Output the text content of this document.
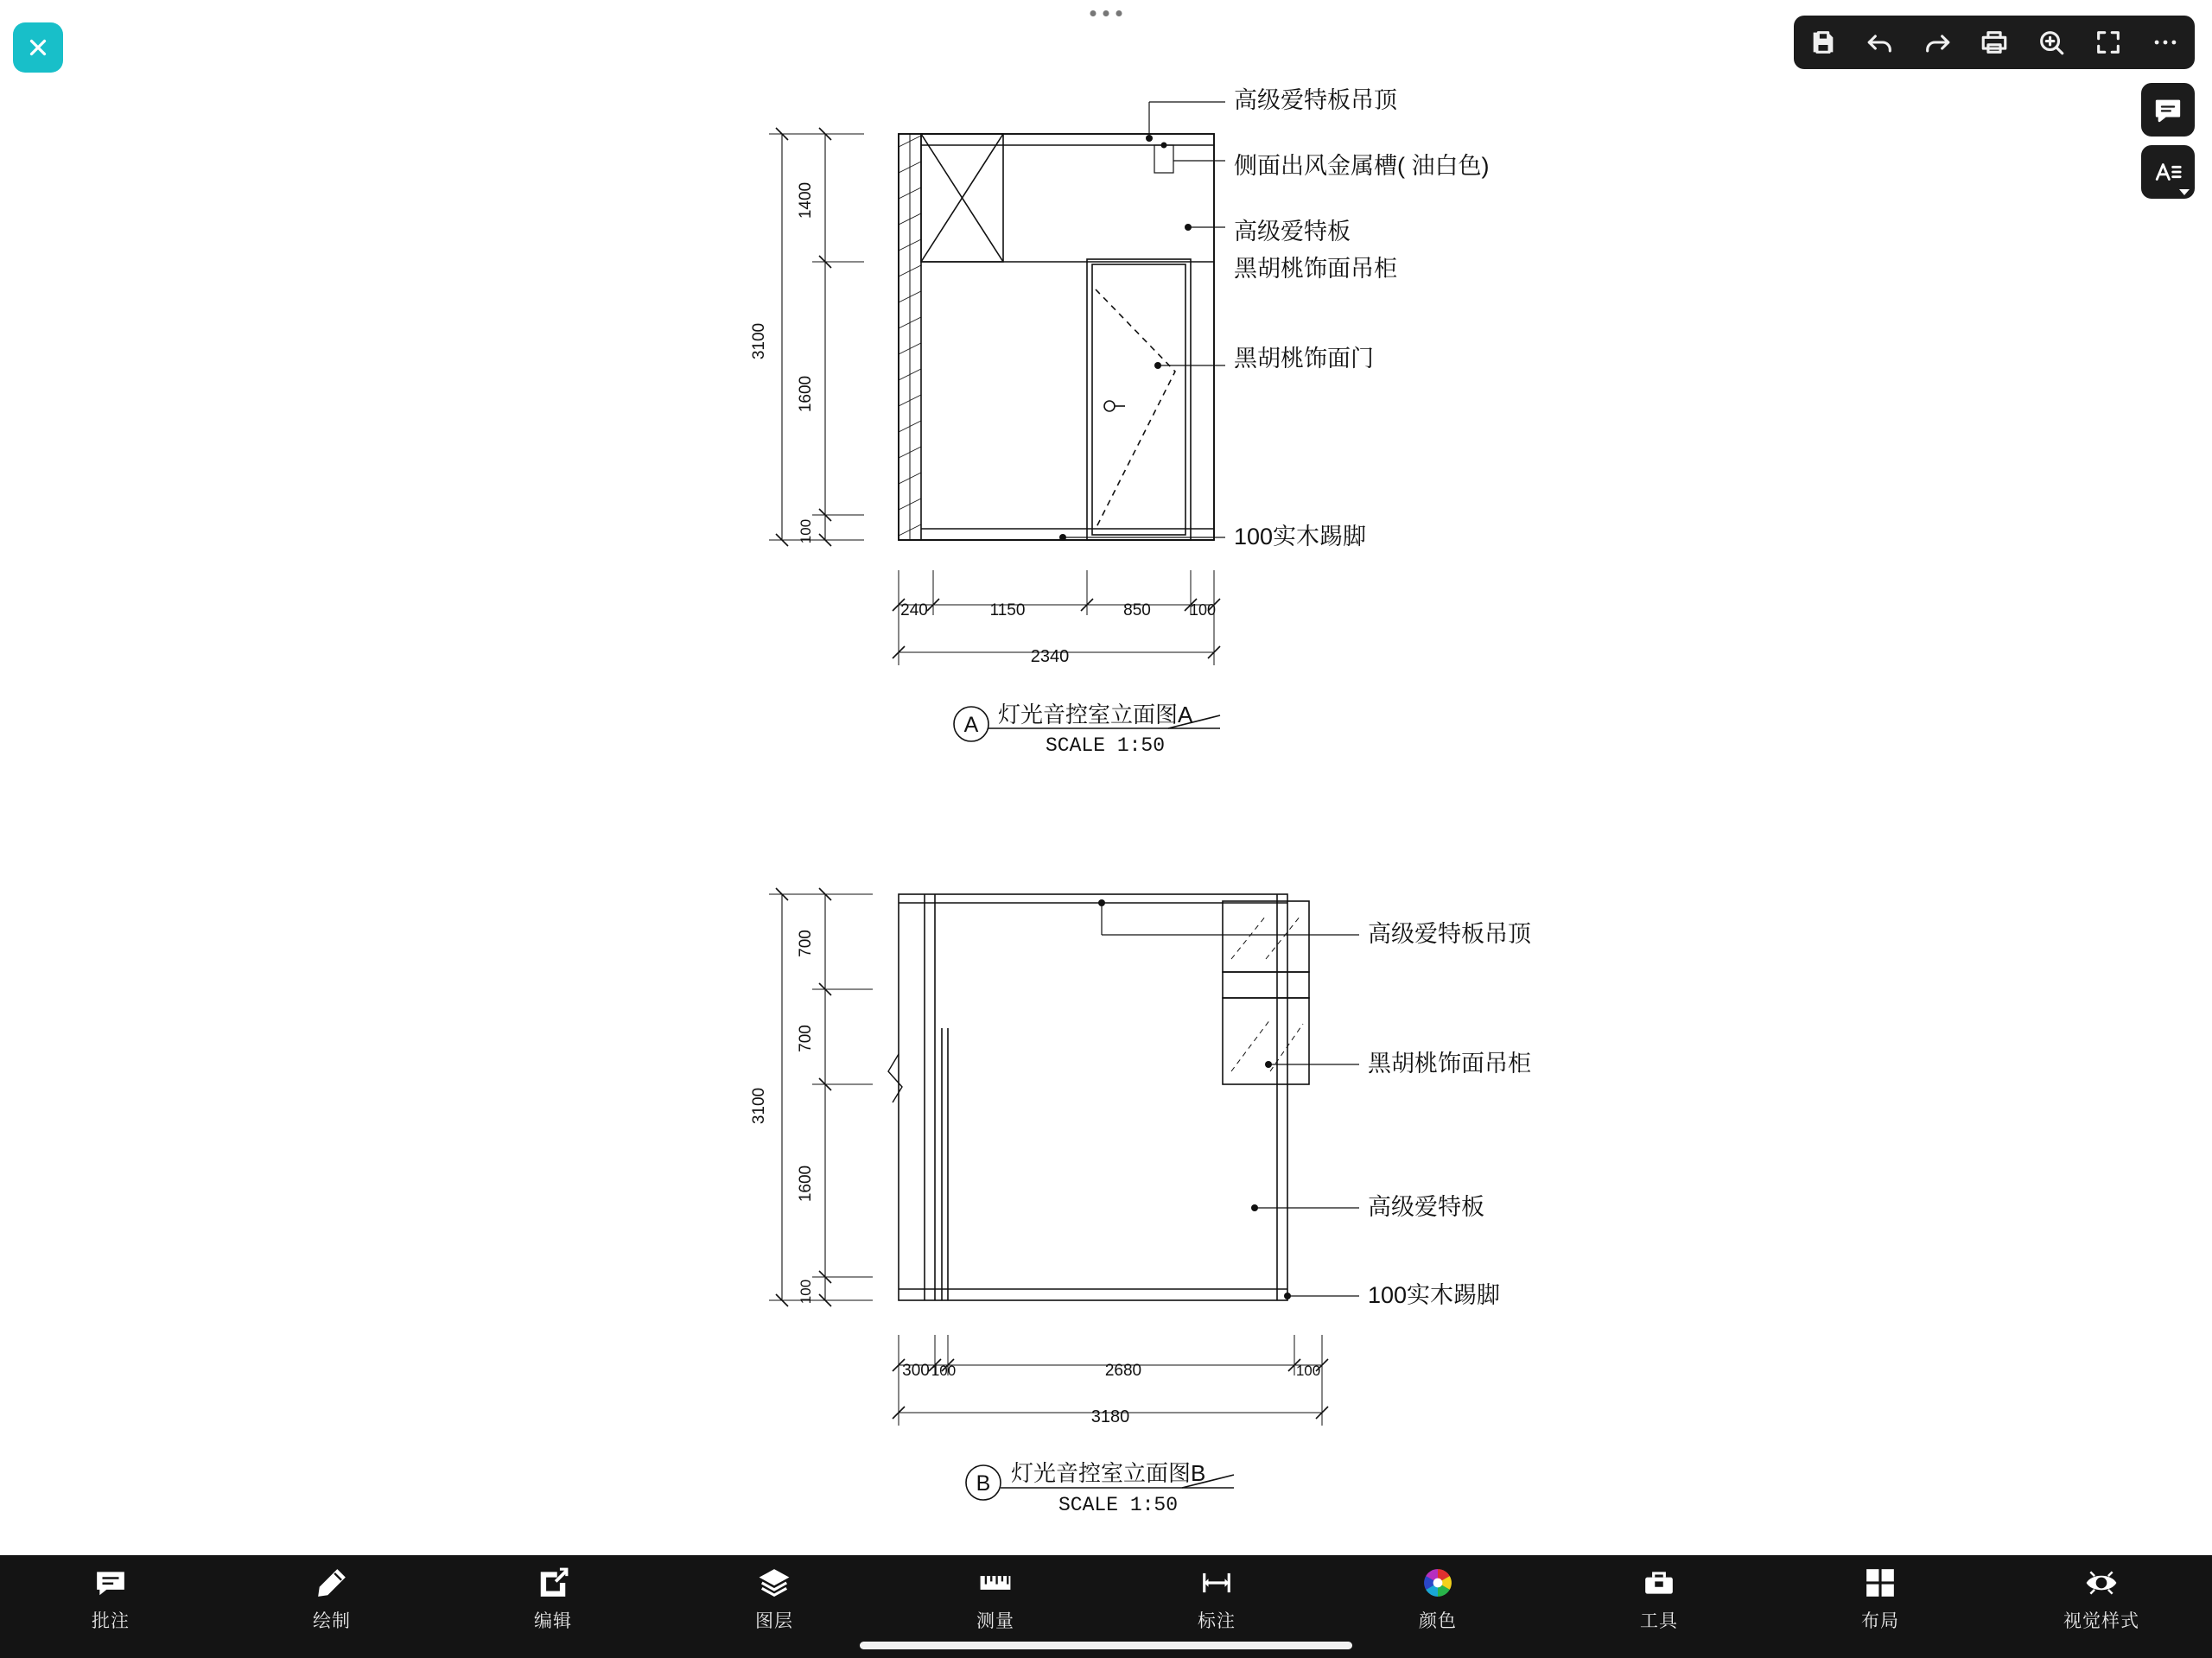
高级爱特板吊顶
侧面出风金属槽( 油白色)
高级爱特板
黑胡桃饰面吊柜
黑胡桃饰面门
100实木踢脚
3100
1400
1600
100
240	1150	850	100
2340
A 灯光音控室立面图A
SCALE 1:50
高级爱特板吊顶
黑胡桃饰面吊柜
高级爱特板
100实木踢脚
3100
700
700
1600
100
300 100	2680	100
3180
B 灯光音控室立面图B
SCALE 1:50
批注	绘制	编辑	图层	测量	标注	颜色	工具	布局	视觉样式
